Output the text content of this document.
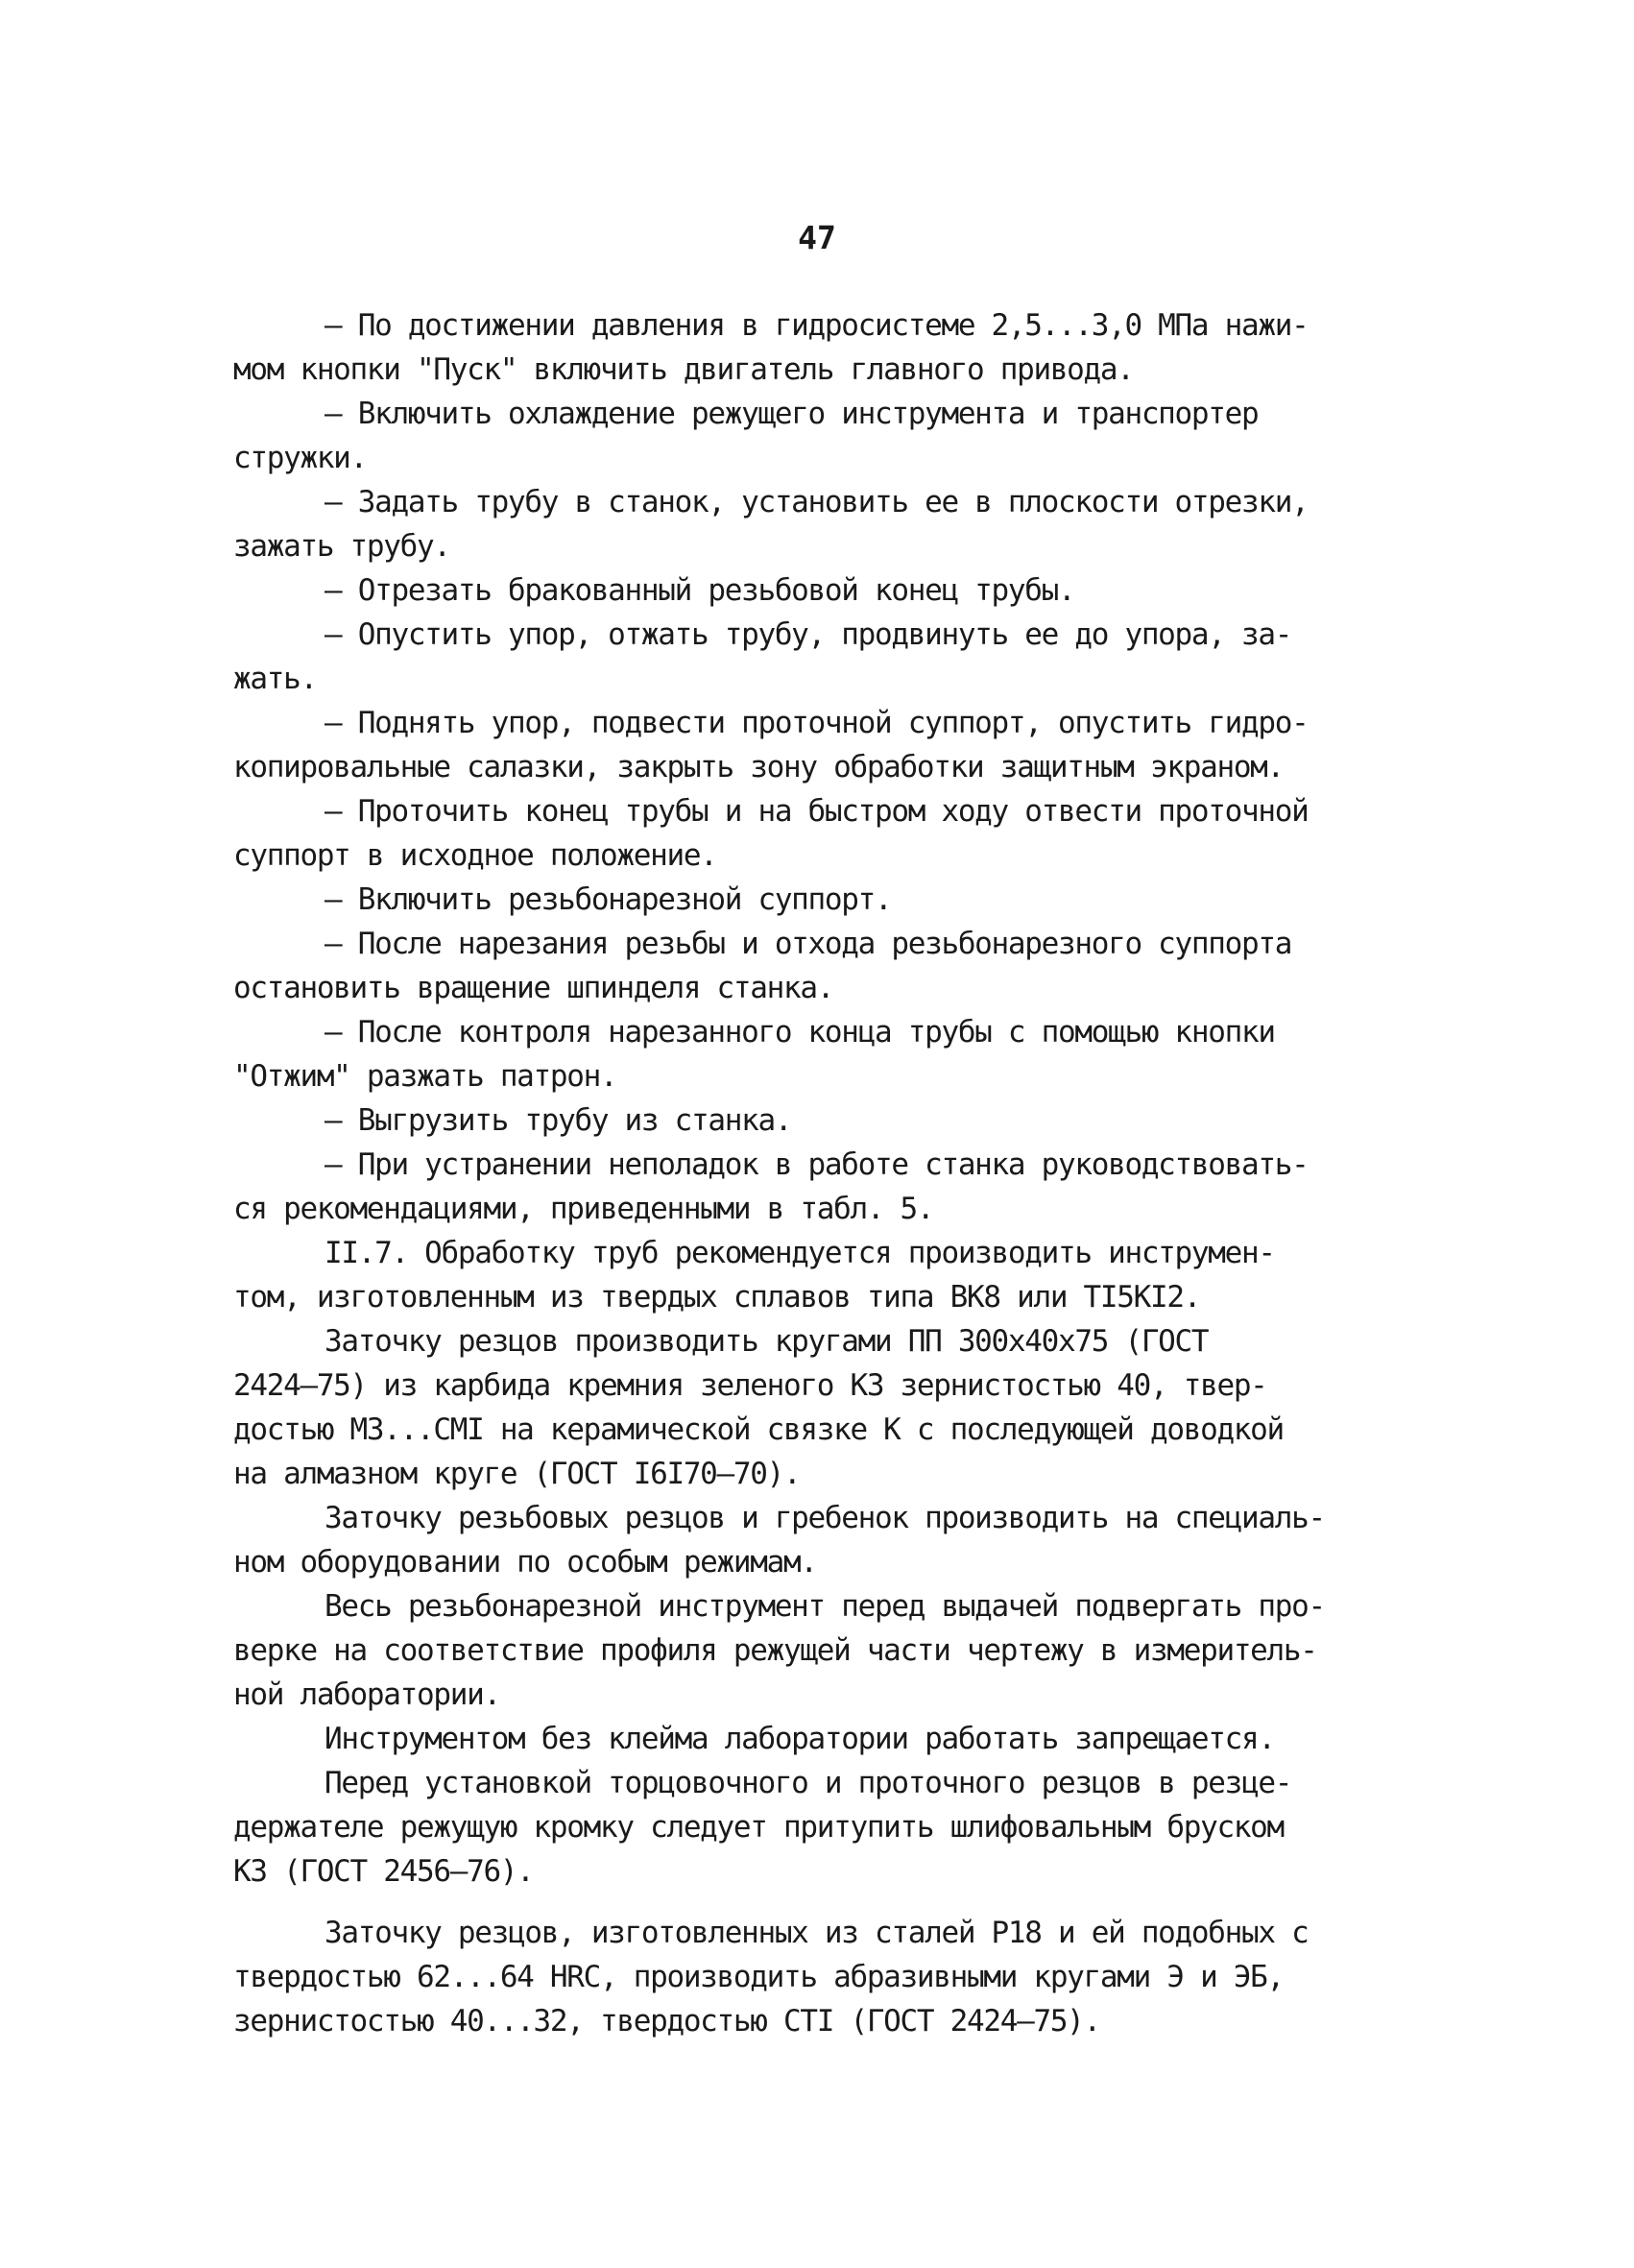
47
– По достижении давления в гидросистеме 2,5...3,0 МПа нажи-
мом кнопки "Пуск" включить двигатель главного привода.
– Включить охлаждение режущего инструмента и транспортер
стружки.
– Задать трубу в станок, установить ее в плоскости отрезки,
зажать трубу.
– Отрезать бракованный резьбовой конец трубы.
– Опустить упор, отжать трубу, продвинуть ее до упора, за-
жать.
– Поднять упор, подвести проточной суппорт, опустить гидро-
копировальные салазки, закрыть зону обработки защитным экраном.
– Проточить конец трубы и на быстром ходу отвести проточной
суппорт в исходное положение.
– Включить резьбонарезной суппорт.
– После нарезания резьбы и отхода резьбонарезного суппорта
остановить вращение шпинделя станка.
– После контроля нарезанного конца трубы с помощью кнопки
"Отжим" разжать патрон.
– Выгрузить трубу из станка.
– При устранении неполадок в работе станка руководствовать-
ся рекомендациями, приведенными в табл. 5.
II.7. Обработку труб рекомендуется производить инструмен-
том, изготовленным из твердых сплавов типа ВК8 или TI5KI2.
Заточку резцов производить кругами ПП 300х40х75 (ГОСТ
2424–75) из карбида кремния зеленого КЗ зернистостью 40, твер-
достью М3...СМI на керамической связке К с последующей доводкой
на алмазном круге (ГОСТ I6I70–70).
Заточку резьбовых резцов и гребенок производить на специаль-
ном оборудовании по особым режимам.
Весь резьбонарезной инструмент перед выдачей подвергать про-
верке на соответствие профиля режущей части чертежу в измеритель-
ной лаборатории.
Инструментом без клейма лаборатории работать запрещается.
Перед установкой торцовочного и проточного резцов в резце-
держателе режущую кромку следует притупить шлифовальным бруском
КЗ (ГОСТ 2456–76).
Заточку резцов, изготовленных из сталей Р18 и ей подобных с
твердостью 62...64 HRC, производить абразивными кругами Э и ЭБ,
зернистостью 40...32, твердостью СТI (ГОСТ 2424–75).
